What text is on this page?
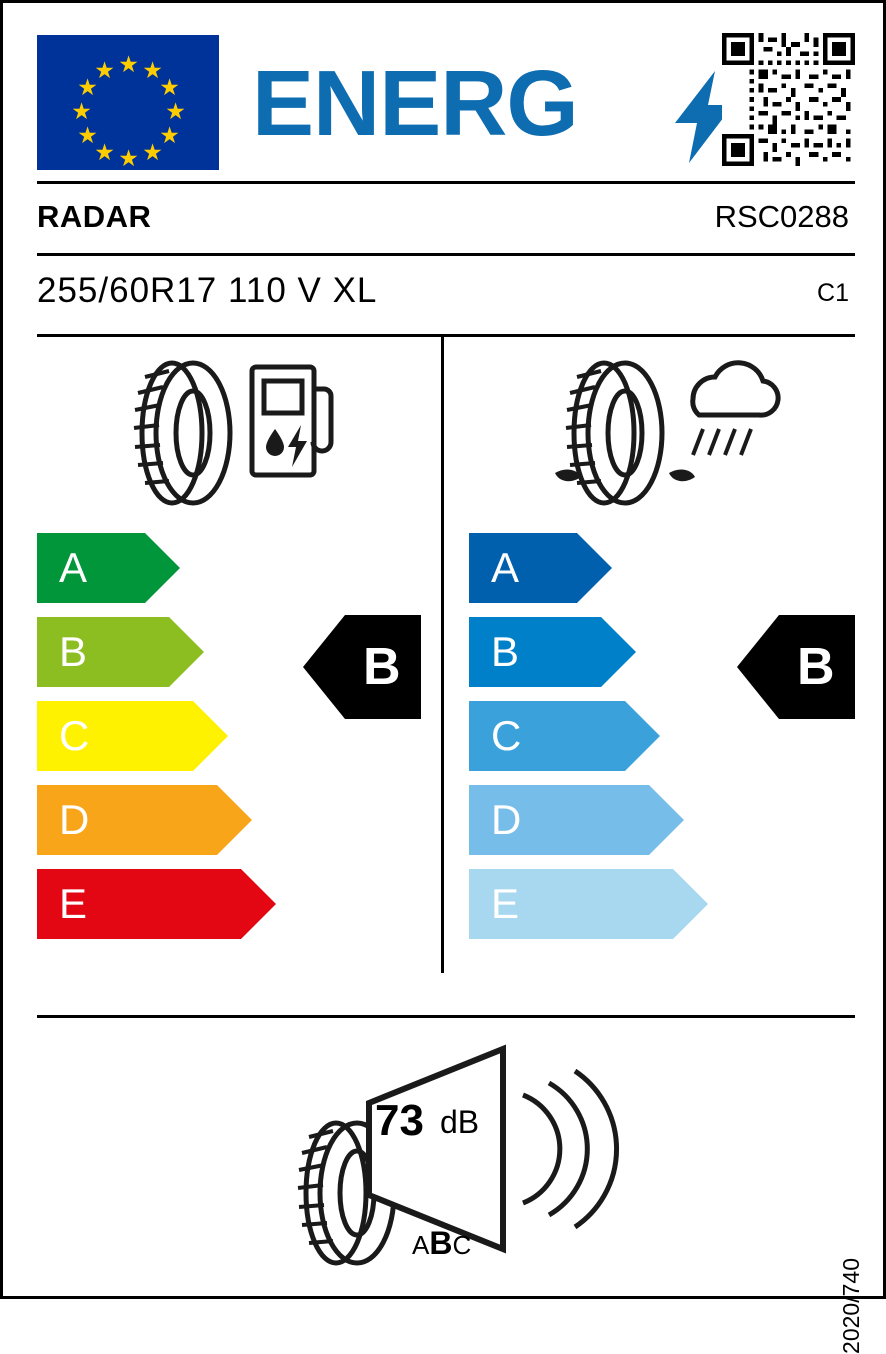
★ ★
★
★
★
★
★
★
★
★
★
★ ENERG
RADAR	RSC0288
255/60R17 110 V XL	C1
A
B
C
D
E
B
A
B
C
D
E
B
73 dB
ABC
2020/740
